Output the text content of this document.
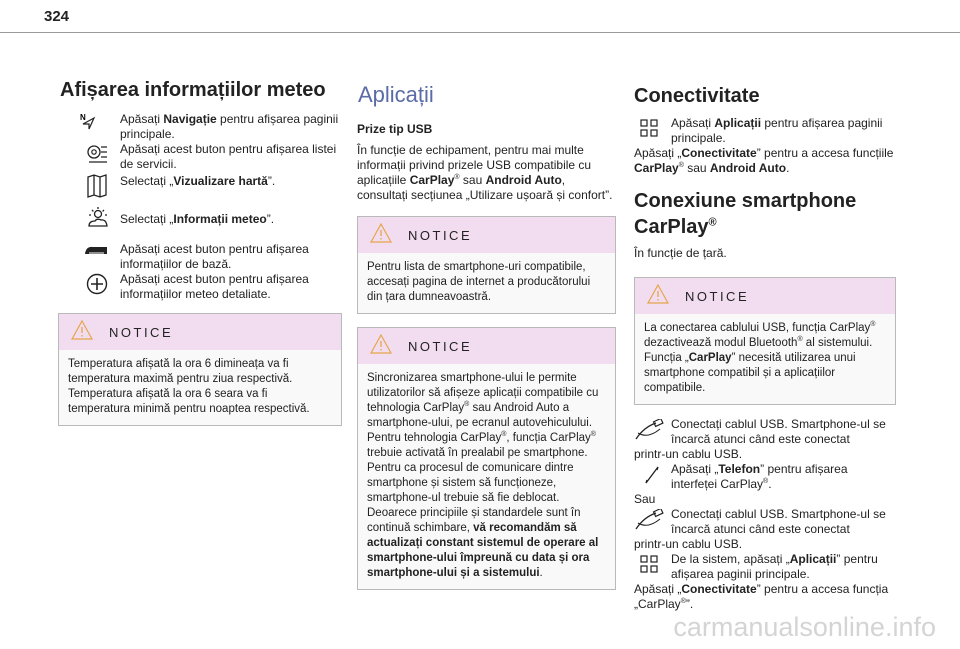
324
Afișarea informațiilor meteo
N	Apăsați Navigație pentru afișarea paginii principale.

Apăsați acest buton pentru afișarea listei de servicii.

Selectați „Vizualizare hartă”.

Selectați „Informații meteo”.

Apăsați acest buton pentru afișarea informațiilor de bază.

Apăsați acest buton pentru afișarea informațiilor meteo detaliate.

NOTICE
Temperatura afișată la ora 6 dimineața va fi temperatura maximă pentru ziua respectivă. Temperatura afișată la ora 6 seara va fi temperatura minimă pentru noaptea respectivă.
Aplicații

Prize tip USB

În funcție de echipament, pentru mai multe informații privind prizele USB compatibile cu aplicațiile CarPlay® sau Android Auto, consultați secțiunea „Utilizare ușoară și confort”.

NOTICE
Pentru lista de smartphone-uri compatibile, accesați pagina de internet a producătorului din țara dumneavoastră.
NOTICE
Sincronizarea smartphone-ului le permite utilizatorilor să afișeze aplicații compatibile cu tehnologia CarPlay® sau Android Auto a smartphone-ului, pe ecranul autovehiculului. Pentru tehnologia CarPlay®, funcția CarPlay® trebuie activată în prealabil pe smartphone. Pentru ca procesul de comunicare dintre smartphone și sistem să funcționeze, smartphone-ul trebuie să fie deblocat. Deoarece principiile și standardele sunt în continuă schimbare, vă recomandăm să actualizați constant sistemul de operare al smartphone-ului împreună cu data și ora smartphone-ului și a sistemului.
Conectivitate

Apăsați Aplicații pentru afișarea paginii principale.

Apăsați „Conectivitate” pentru a accesa funcțiile CarPlay® sau Android Auto.

Conexiune smartphone CarPlay®

În funcție de țară.

NOTICE
La conectarea cablului USB, funcția CarPlay® dezactivează modul Bluetooth® al sistemului. Funcția „CarPlay” necesită utilizarea unui smartphone compatibil și a aplicațiilor compatibile.

Conectați cablul USB. Smartphone-ul se încarcă atunci când este conectat

printr-un cablu USB.

Apăsați „Telefon” pentru afișarea interfeței CarPlay®.

Sau

Conectați cablul USB. Smartphone-ul se încarcă atunci când este conectat

printr-un cablu USB.

De la sistem, apăsați „Aplicații” pentru afișarea paginii principale.

Apăsați „Conectivitate” pentru a accesa funcția „CarPlay®”.

carmanualsonline.info
